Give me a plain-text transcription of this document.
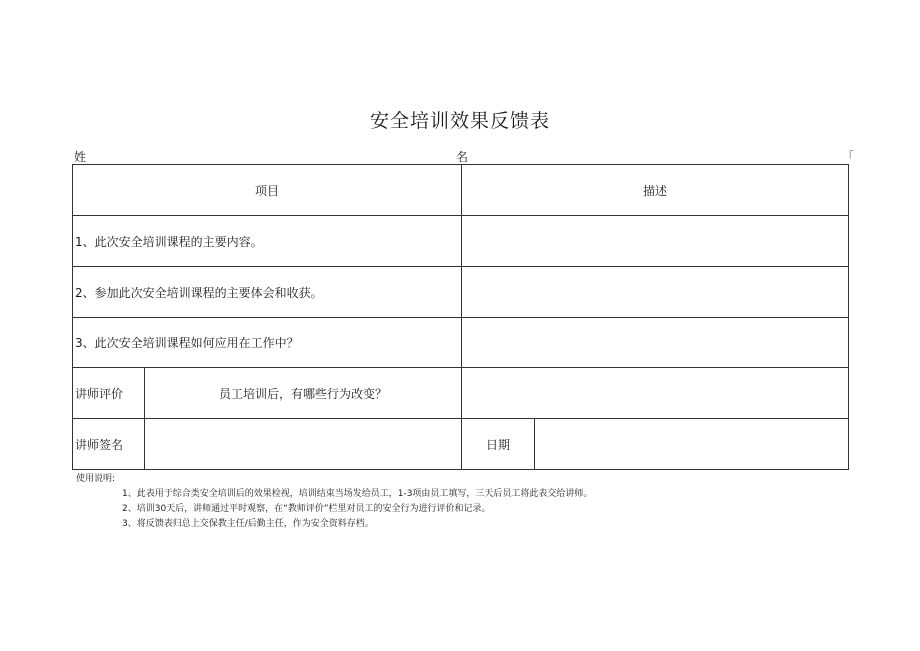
安全培训效果反馈表
姓	名	「
项目		描述	
1、此次安全培训课程的主要内容。			
2、参加此次安全培训课程的主要体会和收获。			
3、此次安全培训课程如何应用在工作中？			
讲师评价	员工培训后，有哪些行为改变？		
讲师签名		日期	
使用说明:
1、此表用于综合类安全培训后的效果检视，培训结束当场发给员工，1-3项由员工填写，三天后员工将此表交给讲师。
2、培训30天后，讲师通过平时观察，在“教师评价”栏里对员工的安全行为进行评价和记录。
3、将反馈表归总上交保教主任/后勤主任，作为安全资料存档。
